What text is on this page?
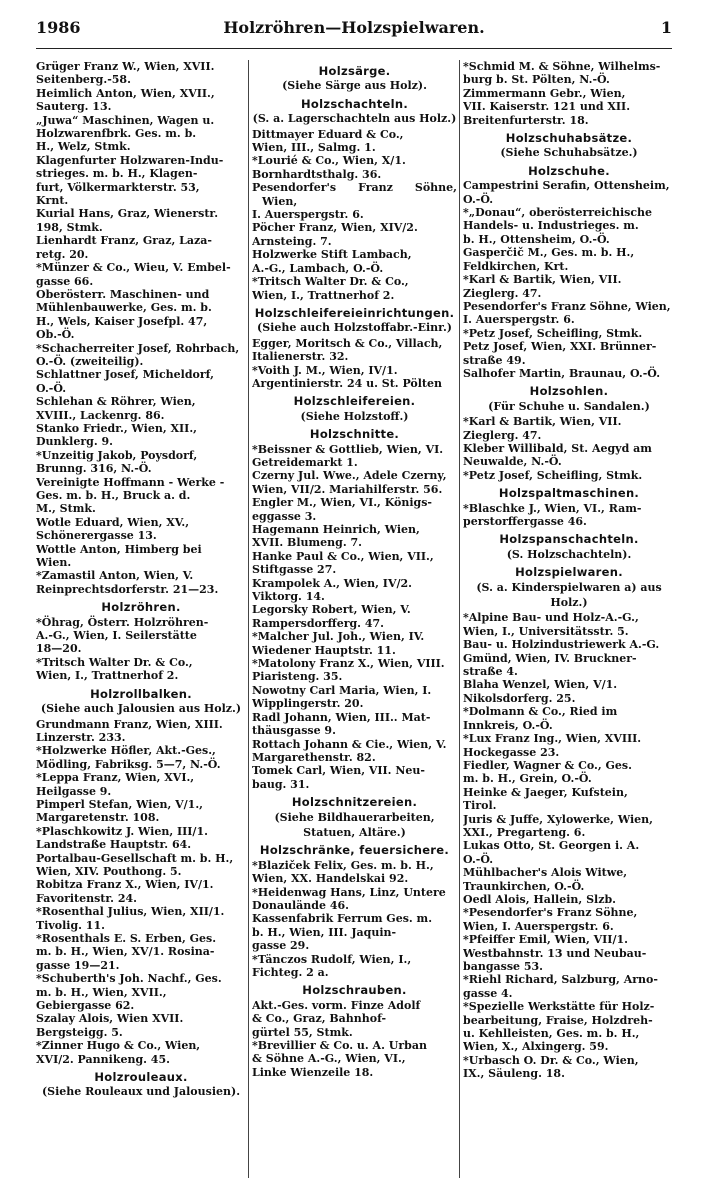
1986	Holzröhren—Holzspielwaren.	1
Grüger Franz W., Wien, XVII.
Seitenberg.-58.
Heimlich Anton, Wien, XVII.,
Sauterg. 13.
„Juwa“ Maschinen, Wagen u.
Holzwarenfbrk. Ges. m. b.
H., Welz, Stmk.
Klagenfurter Holzwaren-Indu-
strieges. m. b. H., Klagen-
furt, Völkermarkterstr. 53,
Krnt.
Kurial Hans, Graz, Wienerstr.
198, Stmk.
Lienhardt Franz, Graz, Laza-
retg. 20.
*Münzer & Co., Wieu, V. Embel-
gasse 66.
Oberösterr. Maschinen- und
Mühlenbauwerke, Ges. m. b.
H., Wels, Kaiser Josefpl. 47,
Ob.-Ö.
*Schacherreiter Josef, Rohrbach,
O.-Ö. (zweiteilig).
Schlattner Josef, Micheldorf,
O.-Ö.
Schlehan & Röhrer, Wien,
XVIII., Lackenrg. 86.
Stanko Friedr., Wien, XII.,
Dunklerg. 9.
*Unzeitig Jakob, Poysdorf,
Brunng. 316, N.-Ö.
Vereinigte Hoffmann - Werke -
Ges. m. b. H., Bruck a. d.
M., Stmk.
Wotle Eduard, Wien, XV.,
Schönerergasse 13.
Wottle Anton, Himberg bei
Wien.
*Zamastil Anton, Wien, V.
Reinprechtsdorferstr. 21—23.
Holzröhren.
*Öhrag, Österr. Holzröhren-
A.-G., Wien, I. Seilerstätte
18—20.
*Tritsch Walter Dr. & Co.,
Wien, I., Trattnerhof 2.
Holzrollbalken.
(Siehe auch Jalousien aus Holz.)
Grundmann Franz, Wien, XIII.
Linzerstr. 233.
*Holzwerke Höfler, Akt.-Ges.,
Mödling, Fabriksg. 5—7, N.-Ö.
*Leppa Franz, Wien, XVI.,
Heilgasse 9.
Pimperl Stefan, Wien, V/1.,
Margaretenstr. 108.
*Plaschkowitz J. Wien, III/1.
Landstraße Hauptstr. 64.
Portalbau-Gesellschaft m. b. H.,
Wien, XIV. Pouthong. 5.
Robitza Franz X., Wien, IV/1.
Favoritenstr. 24.
*Rosenthal Julius, Wien, XII/1.
Tivolig. 11.
*Rosenthals E. S. Erben, Ges.
m. b. H., Wien, XV/1. Rosina-
gasse 19—21.
*Schuberth's Joh. Nachf., Ges.
m. b. H., Wien, XVII.,
Gebiergasse 62.
Szalay Alois, Wien XVII.
Bergsteigg. 5.
*Zinner Hugo & Co., Wien,
XVI/2. Pannikeng. 45.
Holzrouleaux.
(Siehe Rouleaux und Jalousien).
Holzsärge.
(Siehe Särge aus Holz).
Holzschachteln.
(S. a. Lagerschachteln aus Holz.)
Dittmayer Eduard & Co.,
Wien, III., Salmg. 1.
*Lourié & Co., Wien, X/1.
Bornhardtsthalg. 36.
Pesendorfer's Franz Söhne, Wien,
I. Auerspergstr. 6.
Pöcher Franz, Wien, XIV/2.
Arnsteing. 7.
Holzwerke Stift Lambach,
A.-G., Lambach, O.-Ö.
*Tritsch Walter Dr. & Co.,
Wien, I., Trattnerhof 2.
Holzschleifereieinrichtungen.
(Siehe auch Holzstoffabr.-Einr.)
Egger, Moritsch & Co., Villach,
Italienerstr. 32.
*Voith J. M., Wien, IV/1.
Argentinierstr. 24 u. St. Pölten
Holzschleifereien.
(Siehe Holzstoff.)
Holzschnitte.
*Beissner & Gottlieb, Wien, VI.
Getreidemarkt 1.
Czerny Jul. Wwe., Adele Czerny,
Wien, VII/2. Mariahilferstr. 56.
Engler M., Wien, VI., Königs-
eggasse 3.
Hagemann Heinrich, Wien,
XVII. Blumeng. 7.
Hanke Paul & Co., Wien, VII.,
Stiftgasse 27.
Krampolek A., Wien, IV/2.
Viktorg. 14.
Legorsky Robert, Wien, V.
Rampersdorfferg. 47.
*Malcher Jul. Joh., Wien, IV.
Wiedener Hauptstr. 11.
*Matolony Franz X., Wien, VIII.
Piaristeng. 35.
Nowotny Carl Maria, Wien, I.
Wipplingerstr. 20.
Radl Johann, Wien, III.. Mat-
thäusgasse 9.
Rottach Johann & Cie., Wien, V.
Margarethenstr. 82.
Tomek Carl, Wien, VII. Neu-
baug. 31.
Holzschnitzereien.
(Siehe Bildhauerarbeiten,
Statuen, Altäre.)
Holzschränke, feuersichere.
*Blaziček Felix, Ges. m. b. H.,
Wien, XX. Handelskai 92.
*Heidenwag Hans, Linz, Untere
Donaulände 46.
Kassenfabrik Ferrum Ges. m.
b. H., Wien, III. Jaquin-
gasse 29.
*Tänczos Rudolf, Wien, I.,
Fichteg. 2 a.
Holzschrauben.
Akt.-Ges. vorm. Finze Adolf
& Co., Graz, Bahnhof-
gürtel 55, Stmk.
*Brevillier & Co. u. A. Urban
& Söhne A.-G., Wien, VI.,
Linke Wienzeile 18.
*Schmid M. & Söhne, Wilhelms-
burg b. St. Pölten, N.-Ö.
Zimmermann Gebr., Wien,
VII. Kaiserstr. 121 und XII.
Breitenfurterstr. 18.
Holzschuhabsätze.
(Siehe Schuhabsätze.)
Holzschuhe.
Campestrini Serafin, Ottensheim,
O.-Ö.
*„Donau“, oberösterreichische
Handels- u. Industrieges. m.
b. H., Ottensheim, O.-Ö.
Gasperčič M., Ges. m. b. H.,
Feldkirchen, Krt.
*Karl & Bartik, Wien, VII.
Zieglerg. 47.
Pesendorfer's Franz Söhne, Wien,
I. Auerspergstr. 6.
*Petz Josef, Scheifling, Stmk.
Petz Josef, Wien, XXI. Brünner-
straße 49.
Salhofer Martin, Braunau, O.-Ö.
Holzsohlen.
(Für Schuhe u. Sandalen.)
*Karl & Bartik, Wien, VII.
Zieglerg. 47.
Kleber Willibald, St. Aegyd am
Neuwalde, N.-Ö.
*Petz Josef, Scheifling, Stmk.
Holzspaltmaschinen.
*Blaschke J., Wien, VI., Ram-
perstorffergasse 46.
Holzspanschachteln.
(S. Holzschachteln).
Holzspielwaren.
(S. a. Kinderspielwaren a) aus
Holz.)
*Alpine Bau- und Holz-A.-G.,
Wien, I., Universitätsstr. 5.
Bau- u. Holzindustriewerk A.-G.
Gmünd, Wien, IV. Bruckner-
straße 4.
Blaha Wenzel, Wien, V/1.
Nikolsdorferg. 25.
*Dolmann & Co., Ried im
Innkreis, O.-Ö.
*Lux Franz Ing., Wien, XVIII.
Hockegasse 23.
Fiedler, Wagner & Co., Ges.
m. b. H., Grein, O.-Ö.
Heinke & Jaeger, Kufstein,
Tirol.
Juris & Juffe, Xylowerke, Wien,
XXI., Pregarteng. 6.
Lukas Otto, St. Georgen i. A.
O.-Ö.
Mühlbacher's Alois Witwe,
Traunkirchen, O.-Ö.
Oedl Alois, Hallein, Slzb.
*Pesendorfer's Franz Söhne,
Wien, I. Auerspergstr. 6.
*Pfeiffer Emil, Wien, VII/1.
Westbahnstr. 13 und Neubau-
bangasse 53.
*Riehl Richard, Salzburg, Arno-
gasse 4.
*Spezielle Werkstätte für Holz-
bearbeitung, Fraise, Holzdreh-
u. Kehlleisten, Ges. m. b. H.,
Wien, X., Alxingerg. 59.
*Urbasch O. Dr. & Co., Wien,
IX., Säuleng. 18.
